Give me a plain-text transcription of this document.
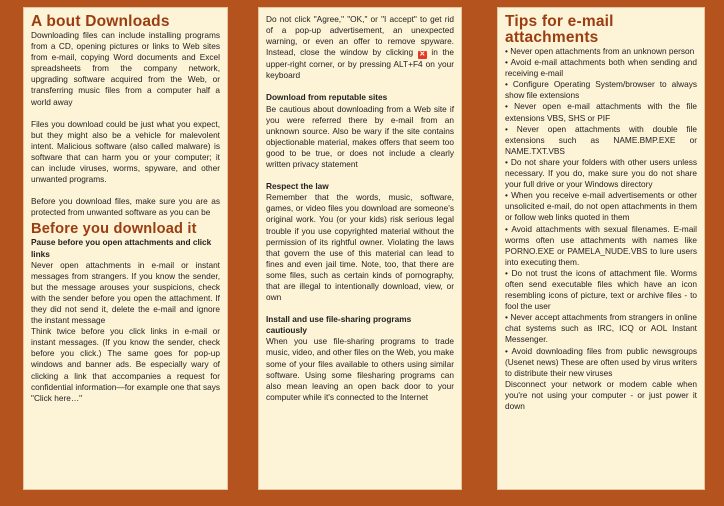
A bout Downloads

Downloading files can include installing programs from a CD, opening pictures or links to Web sites from e-mail, copying Word documents and Excel spreadsheets from the company network, upgrading software acquired from the Web, or transferring music files from a computer half a world away

Files you download could be just what you expect, but they might also be a vehicle for malevolent intent. Malicious software (also called malware) is software that can harm you or your computer; it can include viruses, worms, spyware, and other unwanted programs.

Before you download files, make sure you are as protected from unwanted software as you can be

Before you download it

Pause before you open attachments and click links

Never open attachments in e-mail or instant messages from strangers. If you know the sender, but the message arouses your suspicions, check with the sender before you open the attachment. If they did not send it, delete the e-mail and ignore the instant message

Think twice before you click links in e-mail or instant messages. (If you know the sender, check before you click.) The same goes for pop-up windows and banner ads. Be especially wary of clicking a link that accompanies a request for confidential information—for example one that says "Click here…"

Do not click "Agree," "OK," or "I accept" to get rid of a pop-up advertisement, an unexpected warning, or even an offer to remove spyware. Instead, close the window by clicking ✕ in the upper-right corner, or by pressing ALT+F4 on your keyboard

Download from reputable sites

Be cautious about downloading from a Web site if you were referred there by e-mail from an unknown source. Also be wary if the site contains objectionable material, makes offers that seem too good to be true, or does not include a clearly written privacy statement

Respect the law

Remember that the words, music, software, games, or video files you download are someone's original work. You (or your kids) risk serious legal trouble if you use copyrighted material without the permission of its rightful owner. Violating the laws that govern the use of this material can lead to fines and even jail time. Note, too, that there are some files, such as certain kinds of pornography, that are illegal to intentionally download, view, or own

Install and use file-sharing programs cautiously

When you use file-sharing programs to trade music, video, and other files on the Web, you make some of your files available to others using similar software. Using some filesharing programs can also mean leaving an open back door to your computer while it's connected to the Internet

Tips for e-mail attachments
• Never open attachments from an unknown person
• Avoid e-mail attachments both when sending and receiving e-mail
• Configure Operating System/browser to always show file extensions
• Never open e-mail attachments with the file extensions VBS, SHS or PIF
• Never open attachments with double file extensions such as NAME.BMP.EXE or NAME.TXT.VBS
• Do not share your folders with other users unless necessary. If you do, make sure you do not share your full drive or your Windows directory
• When you receive e-mail advertisements or other unsolicited e-mail, do not open attachments in them or follow web links quoted in them
• Avoid attachments with sexual filenames. E-mail worms often use attachments with names like PORNO.EXE or PAMELA_NUDE.VBS to lure users into executing them.
• Do not trust the icons of attachment file. Worms often send executable files which have an icon resembling icons of picture, text or archive files - to fool the user
• Never accept attachments from strangers in online chat systems such as IRC, ICQ or AOL Instant Messenger.
• Avoid downloading files from public newsgroups (Usenet news) These are often used by virus writers to distribute their new viruses
Disconnect your network or modem cable when you're not using your computer - or just power it down
